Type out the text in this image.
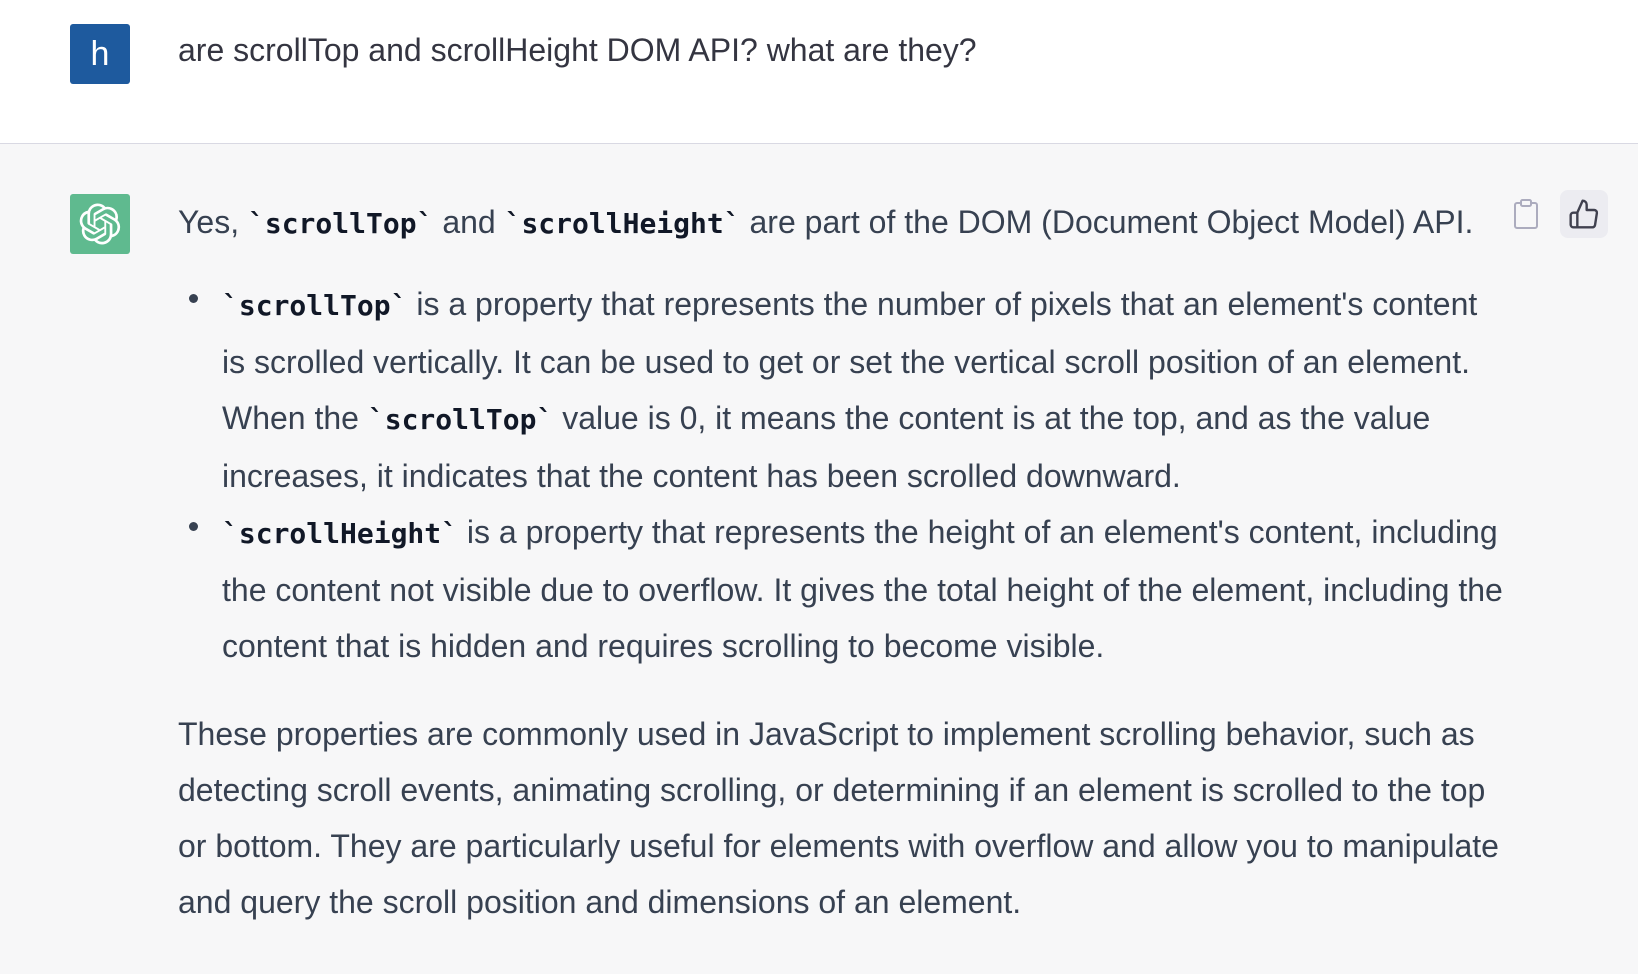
h are scrollTop and scrollHeight DOM API? what are they?

Yes, `scrollTop` and `scrollHeight` are part of the DOM (Document Object Model) API.

`scrollTop` is a property that represents the number of pixels that an element's content is scrolled vertically. It can be used to get or set the vertical scroll position of an element. When the `scrollTop` value is 0, it means the content is at the top, and as the value increases, it indicates that the content has been scrolled downward.
`scrollHeight` is a property that represents the height of an element's content, including the content not visible due to overflow. It gives the total height of the element, including the content that is hidden and requires scrolling to become visible.

These properties are commonly used in JavaScript to implement scrolling behavior, such as detecting scroll events, animating scrolling, or determining if an element is scrolled to the top or bottom. They are particularly useful for elements with overflow and allow you to manipulate and query the scroll position and dimensions of an element.
